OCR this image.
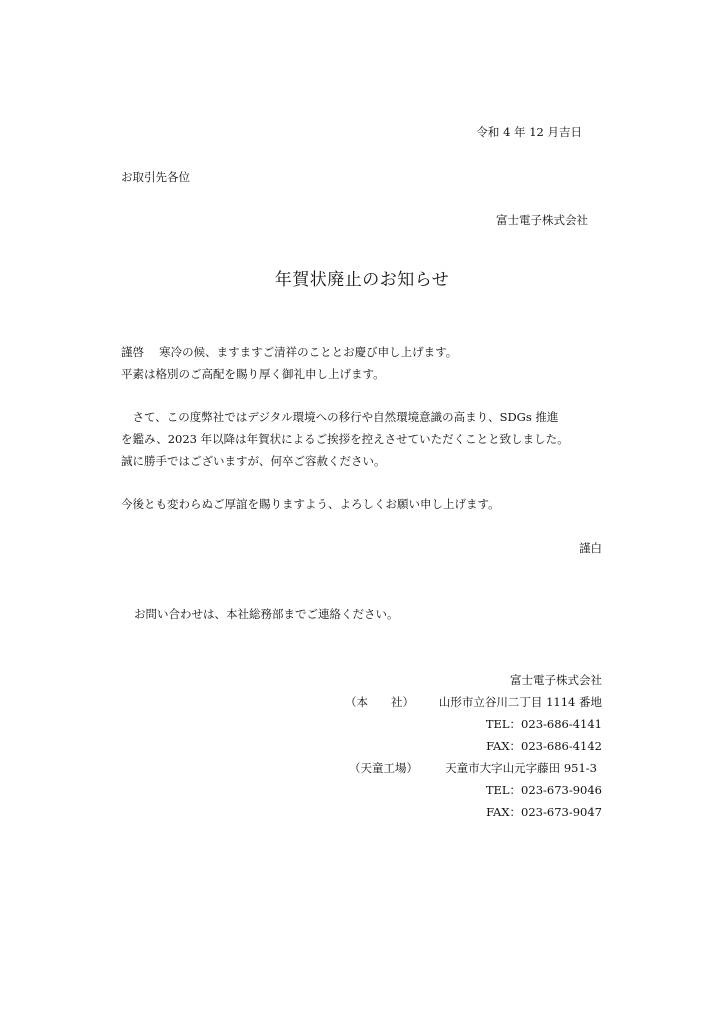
令和 4 年 12 月吉日
お取引先各位
富士電子株式会社
年賀状廃止のお知らせ
謹啓　 寒冷の候、ますますご清祥のこととお慶び申し上げます。
平素は格別のご高配を賜り厚く御礼申し上げます。
　さて、この度弊社ではデジタル環境への移行や自然環境意識の高まり、SDGs 推進
を鑑み、2023 年以降は年賀状によるご挨拶を控えさせていただくことと致しました。
誠に勝手ではございますが、何卒ご容赦ください。
今後とも変わらぬご厚誼を賜りますよう、よろしくお願い申し上げます。
謹白
お問い合わせは、本社総務部までご連絡ください。
富士電子株式会社
（本　　社） 山形市立谷川二丁目 1114 番地
TEL：023-686-4141
FAX：023-686-4142
（天童工場） 天童市大字山元字藤田 951-3
TEL：023-673-9046
FAX：023-673-9047
